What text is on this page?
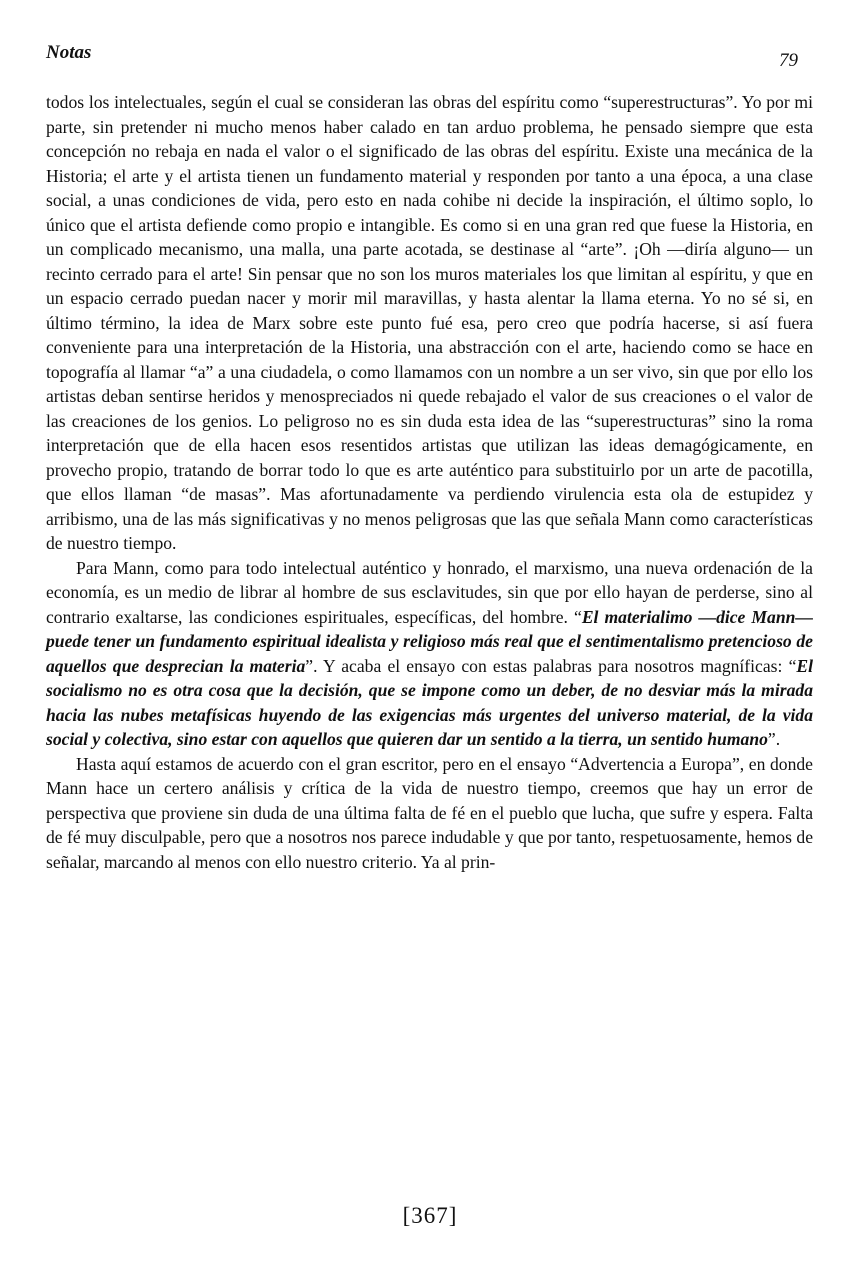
Notas	79

todos los intelectuales, según el cual se consideran las obras del espíritu como “superestructuras”. Yo por mi parte, sin pretender ni mucho menos haber calado en tan arduo problema, he pensado siempre que esta concepción no rebaja en nada el valor o el significado de las obras del espíritu. Existe una mecánica de la Historia; el arte y el artista tienen un fundamento material y responden por tanto a una época, a una clase social, a unas condiciones de vida, pero esto en nada cohibe ni decide la inspiración, el último soplo, lo único que el artista defiende como propio e intangible. Es como si en una gran red que fuese la Historia, en un complicado mecanismo, una malla, una parte acotada, se destinase al “arte”. ¡Oh —diría alguno— un recinto cerrado para el arte! Sin pensar que no son los muros materiales los que limitan al espíritu, y que en un espacio cerrado puedan nacer y morir mil maravillas, y hasta alentar la llama eterna. Yo no sé si, en último término, la idea de Marx sobre este punto fué esa, pero creo que podría hacerse, si así fuera conveniente para una interpretación de la Historia, una abstracción con el arte, haciendo como se hace en topografía al llamar “a” a una ciudadela, o como llamamos con un nombre a un ser vivo, sin que por ello los artistas deban sentirse heridos y menospreciados ni quede rebajado el valor de sus creaciones o el valor de las creaciones de los genios. Lo peligroso no es sin duda esta idea de las “superestructuras” sino la roma interpretación que de ella hacen esos resentidos artistas que utilizan las ideas demagógicamente, en provecho propio, tratando de borrar todo lo que es arte auténtico para substituirlo por un arte de pacotilla, que ellos llaman “de masas”. Mas afortunadamente va perdiendo virulencia esta ola de estupidez y arribismo, una de las más significativas y no menos peligrosas que las que señala Mann como características de nuestro tiempo.

Para Mann, como para todo intelectual auténtico y honrado, el marxismo, una nueva ordenación de la economía, es un medio de librar al hombre de sus esclavitudes, sin que por ello hayan de perderse, sino al contrario exaltarse, las condiciones espirituales, específicas, del hombre. “El materialimo —dice Mann— puede tener un fundamento espiritual idealista y religioso más real que el sentimentalismo pretencioso de aquellos que desprecian la materia”. Y acaba el ensayo con estas palabras para nosotros magníficas: “El socialismo no es otra cosa que la decisión, que se impone como un deber, de no desviar más la mirada hacia las nubes metafísicas huyendo de las exigencias más urgentes del universo material, de la vida social y colectiva, sino estar con aquellos que quieren dar un sentido a la tierra, un sentido humano”.

Hasta aquí estamos de acuerdo con el gran escritor, pero en el ensayo “Advertencia a Europa”, en donde Mann hace un certero análisis y crítica de la vida de nuestro tiempo, creemos que hay un error de perspectiva que proviene sin duda de una última falta de fé en el pueblo que lucha, que sufre y espera. Falta de fé muy disculpable, pero que a nosotros nos parece indudable y que por tanto, respetuosamente, hemos de señalar, marcando al menos con ello nuestro criterio. Ya al prin-

[367]
